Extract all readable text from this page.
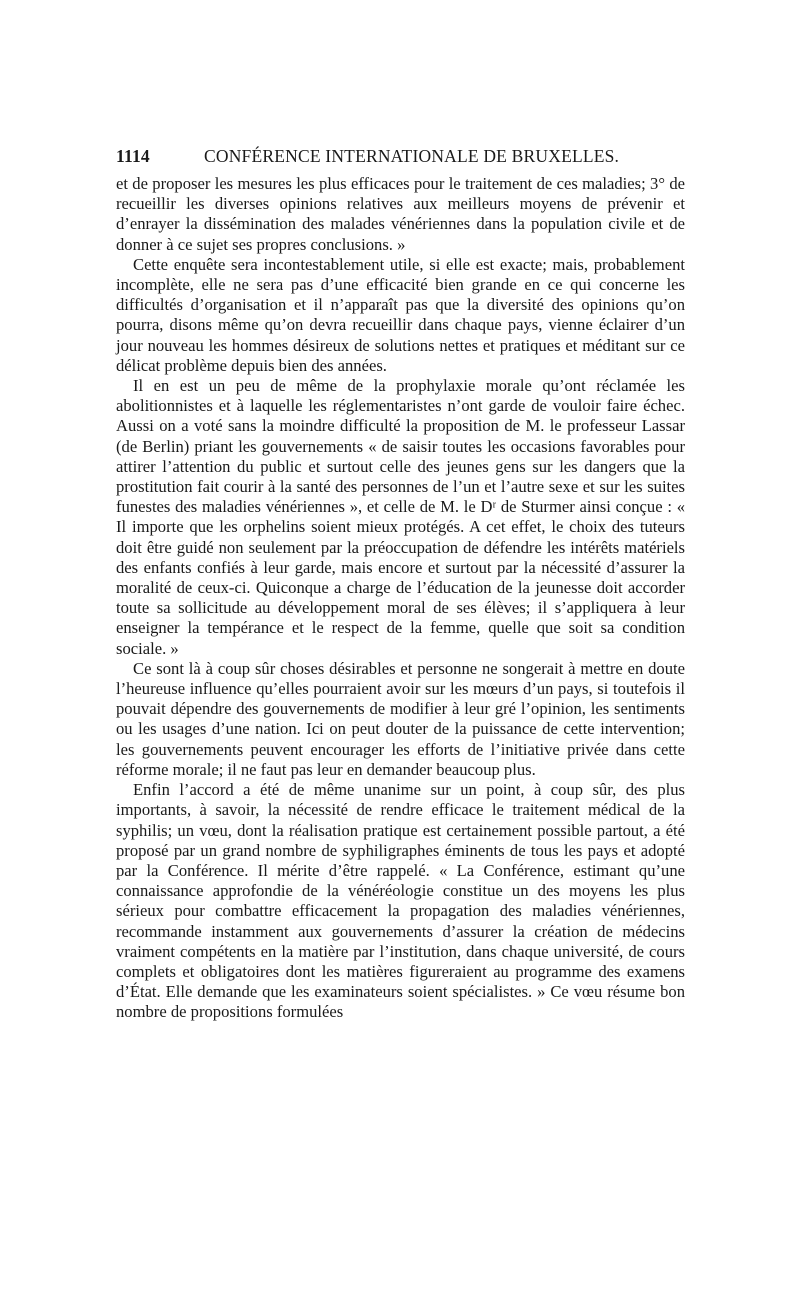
1114	CONFÉRENCE INTERNATIONALE DE BRUXELLES.

et de proposer les mesures les plus efficaces pour le traitement de ces maladies; 3° de recueillir les diverses opinions relatives aux meilleurs moyens de prévenir et d’enrayer la dissémination des malades vénériennes dans la population civile et de donner à ce sujet ses propres conclusions. »

Cette enquête sera incontestablement utile, si elle est exacte; mais, probablement incomplète, elle ne sera pas d’une efficacité bien grande en ce qui concerne les difficultés d’organisation et il n’apparaît pas que la diversité des opinions qu’on pourra, disons même qu’on devra recueillir dans chaque pays, vienne éclairer d’un jour nouveau les hommes désireux de solutions nettes et pratiques et méditant sur ce délicat problème depuis bien des années.

Il en est un peu de même de la prophylaxie morale qu’ont réclamée les abolitionnistes et à laquelle les réglementaristes n’ont garde de vouloir faire échec. Aussi on a voté sans la moindre difficulté la proposition de M. le professeur Lassar (de Berlin) priant les gouvernements « de saisir toutes les occasions favorables pour attirer l’attention du public et surtout celle des jeunes gens sur les dangers que la prostitution fait courir à la santé des personnes de l’un et l’autre sexe et sur les suites funestes des maladies vénériennes », et celle de M. le Dʳ de Sturmer ainsi conçue : « Il importe que les orphelins soient mieux protégés. A cet effet, le choix des tuteurs doit être guidé non seulement par la préoccupation de défendre les intérêts matériels des enfants confiés à leur garde, mais encore et surtout par la nécessité d’assurer la moralité de ceux-ci. Quiconque a charge de l’éducation de la jeunesse doit accorder toute sa sollicitude au développement moral de ses élèves; il s’appliquera à leur enseigner la tempérance et le respect de la femme, quelle que soit sa condition sociale. »

Ce sont là à coup sûr choses désirables et personne ne songerait à mettre en doute l’heureuse influence qu’elles pourraient avoir sur les mœurs d’un pays, si toutefois il pouvait dépendre des gouvernements de modifier à leur gré l’opinion, les sentiments ou les usages d’une nation. Ici on peut douter de la puissance de cette intervention; les gouvernements peuvent encourager les efforts de l’initiative privée dans cette réforme morale; il ne faut pas leur en demander beaucoup plus.

Enfin l’accord a été de même unanime sur un point, à coup sûr, des plus importants, à savoir, la nécessité de rendre efficace le traitement médical de la syphilis; un vœu, dont la réalisation pratique est certainement possible partout, a été proposé par un grand nombre de syphiligraphes éminents de tous les pays et adopté par la Conférence. Il mérite d’être rappelé. « La Conférence, estimant qu’une connaissance approfondie de la vénéréologie constitue un des moyens les plus sérieux pour combattre efficacement la propagation des maladies vénériennes, recommande instamment aux gouvernements d’assurer la création de médecins vraiment compétents en la matière par l’institution, dans chaque université, de cours complets et obligatoires dont les matières figureraient au programme des examens d’État. Elle demande que les examinateurs soient spécialistes. » Ce vœu résume bon nombre de propositions formulées
